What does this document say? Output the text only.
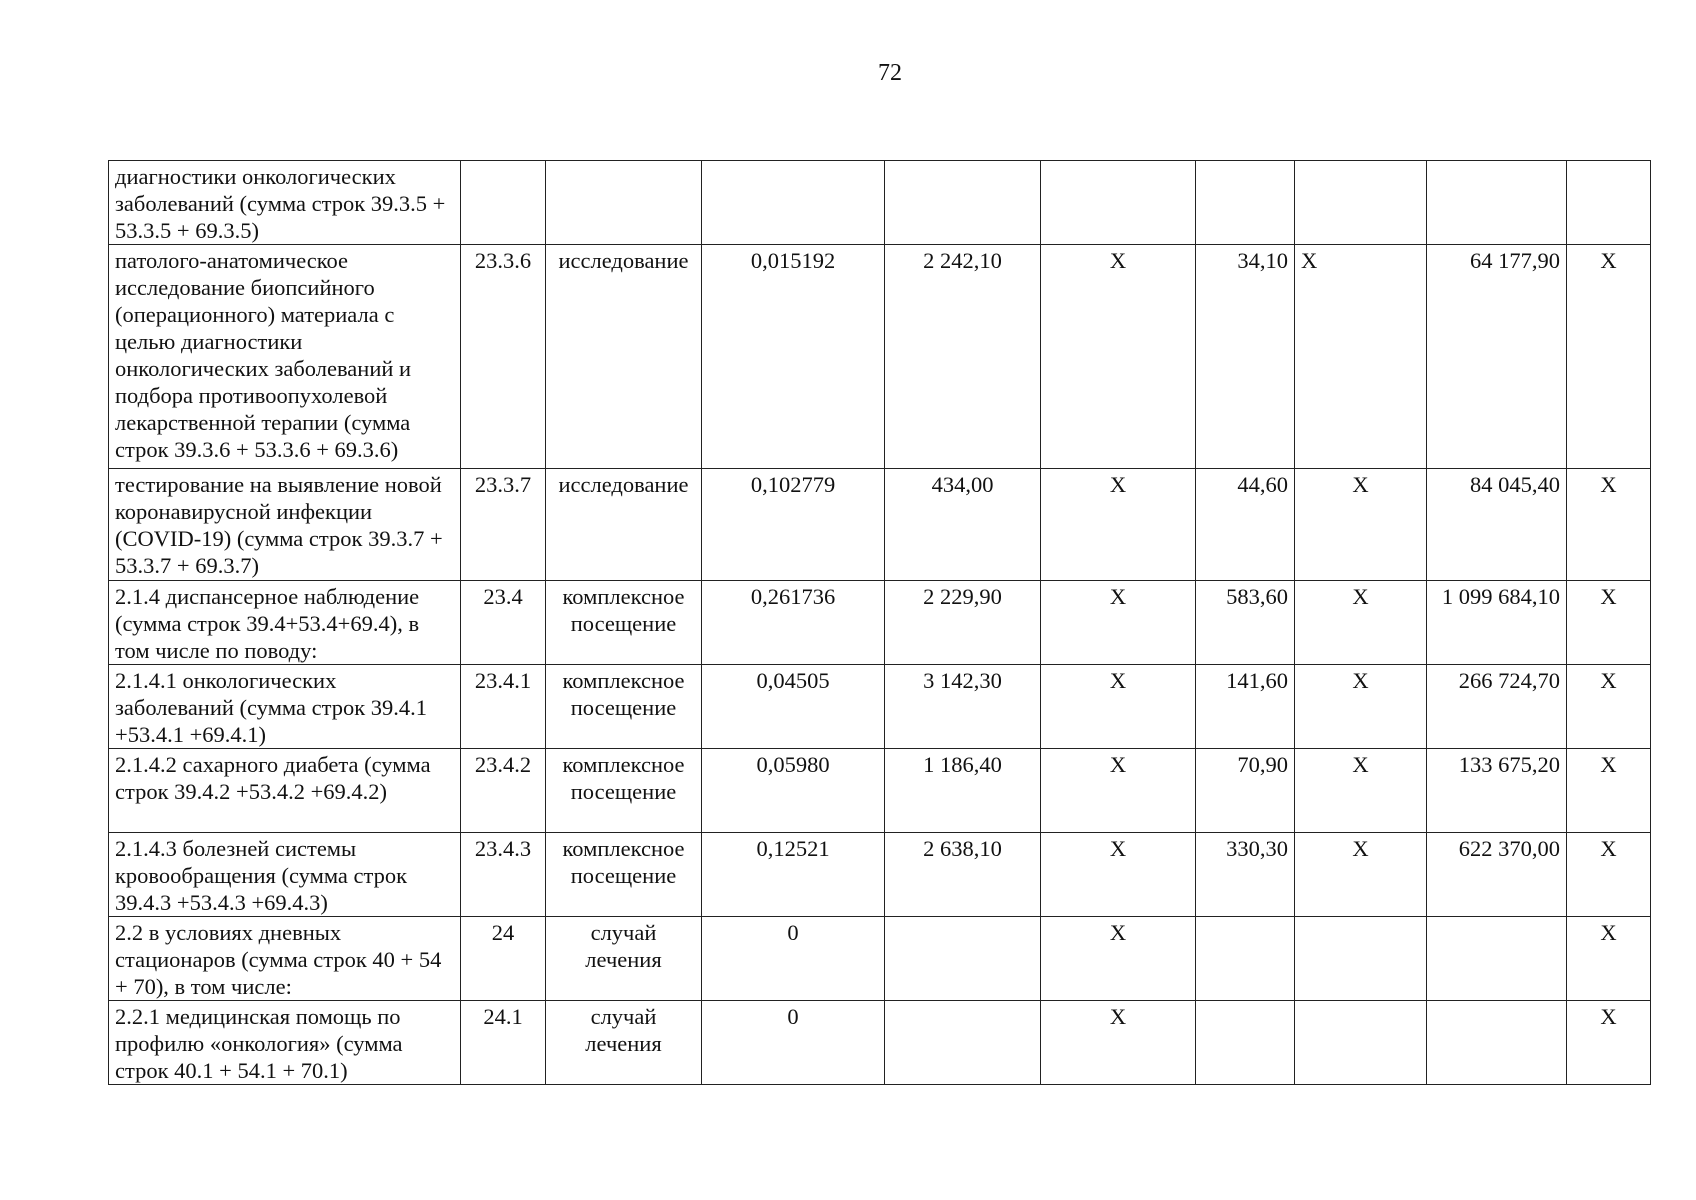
72
диагностики онкологических заболеваний (сумма строк 39.3.5 + 53.3.5 + 69.3.5)									
патолого-анатомическое исследование биопсийного (операционного) материала с целью диагностики онкологических заболеваний и подбора противоопухолевой лекарственной терапии (сумма строк 39.3.6 + 53.3.6 + 69.3.6)	23.3.6	исследование	0,015192	2 242,10	X	34,10	X	64 177,90	X
тестирование на выявление новой коронавирусной инфекции (COVID-19) (сумма строк 39.3.7 + 53.3.7 + 69.3.7)	23.3.7	исследование	0,102779	434,00	X	44,60	X	84 045,40	X
2.1.4 диспансерное наблюдение (сумма строк 39.4+53.4+69.4), в том числе по поводу:	23.4	комплексное посещение	0,261736	2 229,90	X	583,60	X	1 099 684,10	X
2.1.4.1 онкологических заболеваний (сумма строк 39.4.1 +53.4.1 +69.4.1)	23.4.1	комплексное посещение	0,04505	3 142,30	X	141,60	X	266 724,70	X
2.1.4.2 сахарного диабета (сумма строк 39.4.2 +53.4.2 +69.4.2)	23.4.2	комплексное посещение	0,05980	1 186,40	X	70,90	X	133 675,20	X
2.1.4.3 болезней системы кровообращения (сумма строк 39.4.3 +53.4.3 +69.4.3)	23.4.3	комплексное посещение	0,12521	2 638,10	X	330,30	X	622 370,00	X
2.2 в условиях дневных стационаров (сумма строк 40 + 54 + 70), в том числе:	24	случай лечения	0		X				X
2.2.1 медицинская помощь по профилю «онкология» (сумма строк 40.1 + 54.1 + 70.1)	24.1	случай лечения	0		X				X
